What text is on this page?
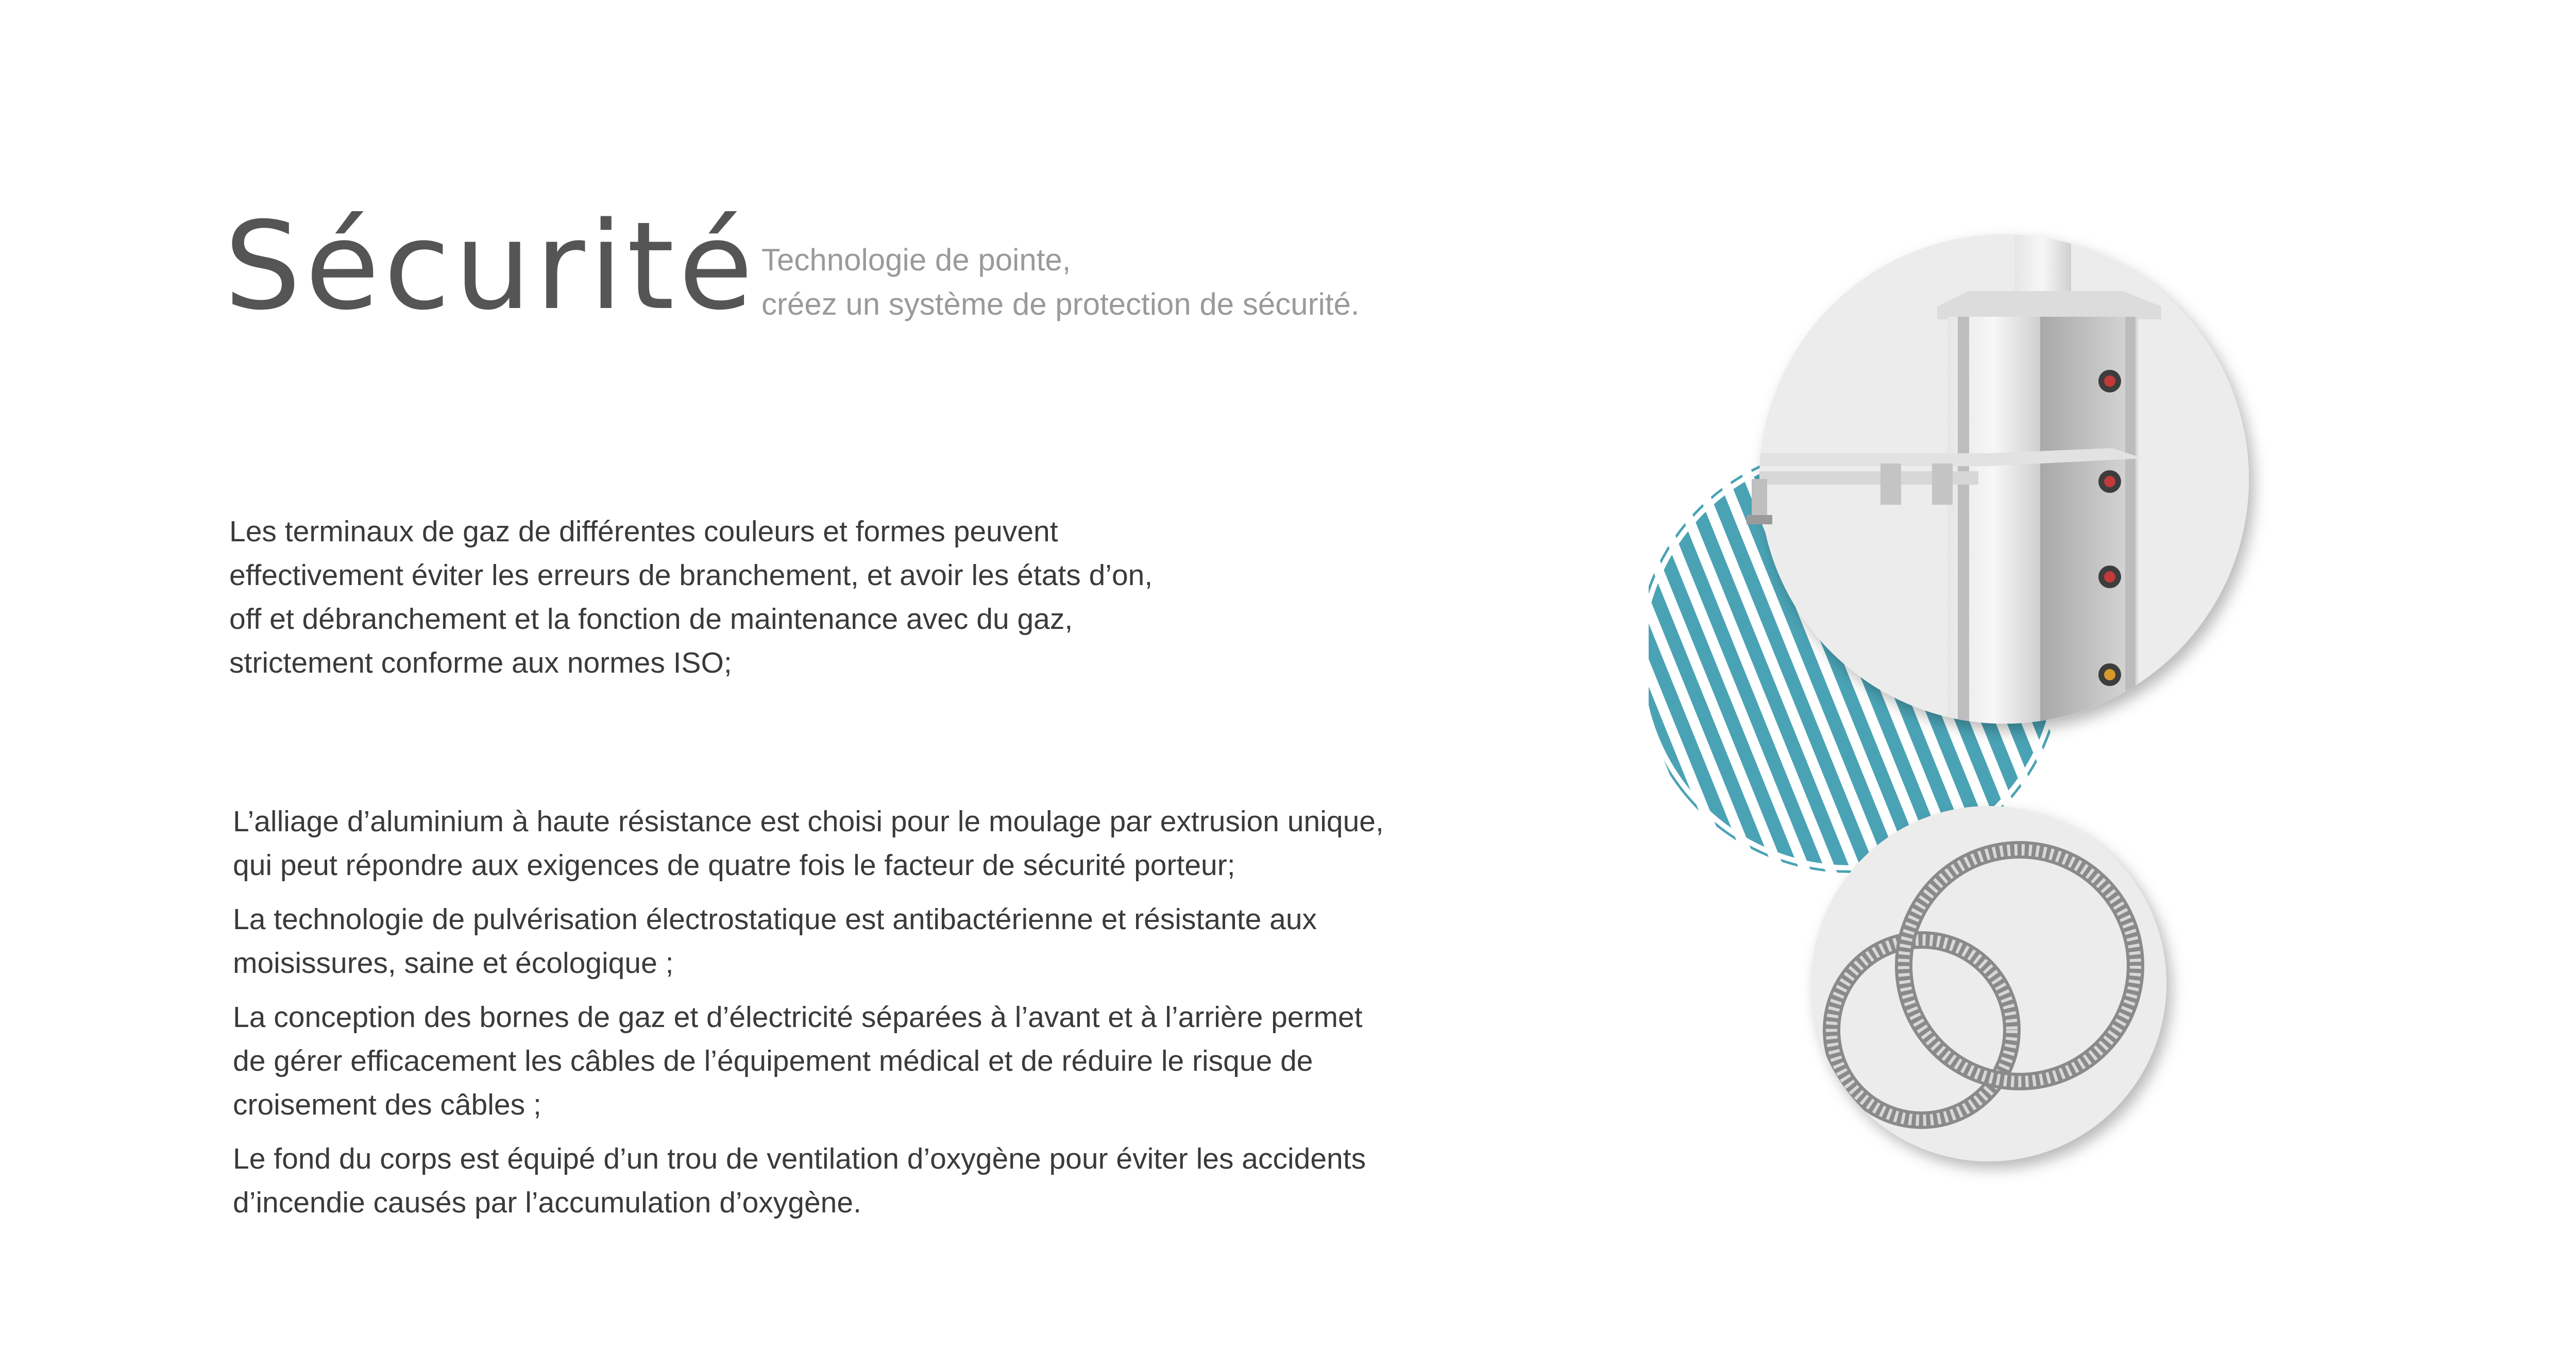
Sécurité Technologie de pointe,
créez un système de protection de sécurité.
Les terminaux de gaz de différentes couleurs et formes peuvent
effectivement éviter les erreurs de branchement, et avoir les états d’on,
off et débranchement et la fonction de maintenance avec du gaz,
strictement conforme aux normes ISO;
L’alliage d’aluminium à haute résistance est choisi pour le moulage par extrusion unique,
qui peut répondre aux exigences de quatre fois le facteur de sécurité porteur;
La technologie de pulvérisation électrostatique est antibactérienne et résistante aux
moisissures, saine et écologique ;
La conception des bornes de gaz et d’électricité séparées à l’avant et à l’arrière permet
de gérer efficacement les câbles de l’équipement médical et de réduire le risque de
croisement des câbles ;
Le fond du corps est équipé d’un trou de ventilation d’oxygène pour éviter les accidents
d’incendie causés par l’accumulation d’oxygène.
